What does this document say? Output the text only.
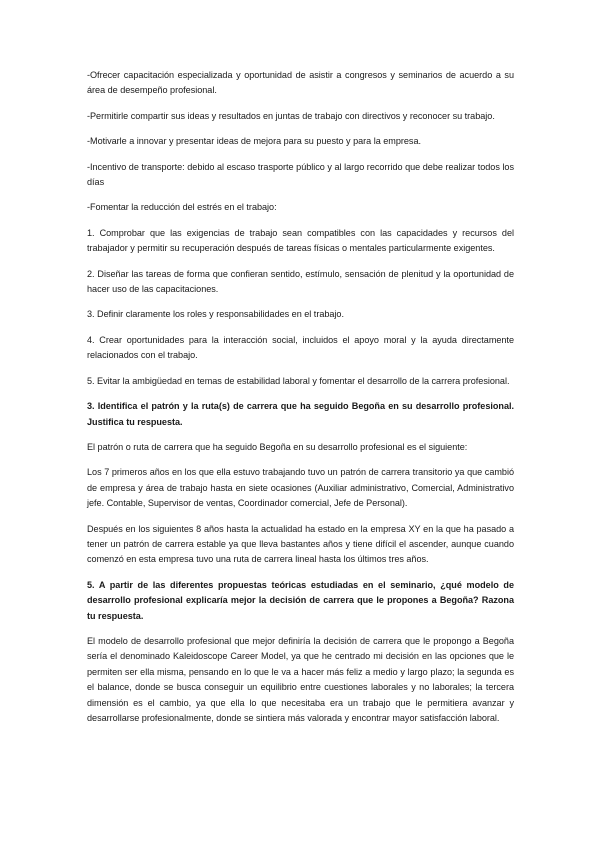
-Ofrecer capacitación especializada y oportunidad de asistir a congresos y seminarios de acuerdo a su área de desempeño profesional.

-Permitirle compartir sus ideas y resultados en juntas de trabajo con directivos y reconocer su trabajo.

-Motivarle a innovar y presentar ideas de mejora para su puesto y para la empresa.

-Incentivo de transporte: debido al escaso trasporte público y al largo recorrido que debe realizar todos los días

-Fomentar la reducción del estrés en el trabajo:

1. Comprobar que las exigencias de trabajo sean compatibles con las capacidades y recursos del trabajador y permitir su recuperación después de tareas físicas o mentales particularmente exigentes.

2. Diseñar las tareas de forma que confieran sentido, estímulo, sensación de plenitud y la oportunidad de hacer uso de las capacitaciones.

3. Definir claramente los roles y responsabilidades en el trabajo.

4. Crear oportunidades para la interacción social, incluidos el apoyo moral y la ayuda directamente relacionados con el trabajo.

5. Evitar la ambigüedad en temas de estabilidad laboral y fomentar el desarrollo de la carrera profesional.

3. Identifica el patrón y la ruta(s) de carrera que ha seguido Begoña en su desarrollo profesional. Justifica tu respuesta.

El patrón o ruta de carrera que ha seguido Begoña en su desarrollo profesional es el siguiente:

Los 7 primeros años en los que ella estuvo trabajando tuvo un patrón de carrera transitorio ya que cambió de empresa y área de trabajo hasta en siete ocasiones (Auxiliar administrativo, Comercial, Administrativo jefe. Contable, Supervisor de ventas, Coordinador comercial, Jefe de Personal).

Después en los siguientes 8 años hasta la actualidad ha estado en la empresa XY en la que ha pasado a tener un patrón de carrera estable ya que lleva bastantes años y tiene difícil el ascender, aunque cuando comenzó en esta empresa tuvo una ruta de carrera lineal hasta los últimos tres años.

5. A partir de las diferentes propuestas teóricas estudiadas en el seminario, ¿qué modelo de desarrollo profesional explicaría mejor la decisión de carrera que le propones a Begoña? Razona tu respuesta.

El modelo de desarrollo profesional que mejor definiría la decisión de carrera que le propongo a Begoña sería el denominado Kaleidoscope Career Model, ya que he centrado mi decisión en las opciones que le permiten ser ella misma, pensando en lo que le va a hacer más feliz a medio y largo plazo; la segunda es el balance, donde se busca conseguir un equilibrio entre cuestiones laborales y no laborales; la tercera dimensión es el cambio, ya que ella lo que necesitaba era un trabajo que le permitiera avanzar y desarrollarse profesionalmente, donde se sintiera más valorada y encontrar mayor satisfacción laboral.
